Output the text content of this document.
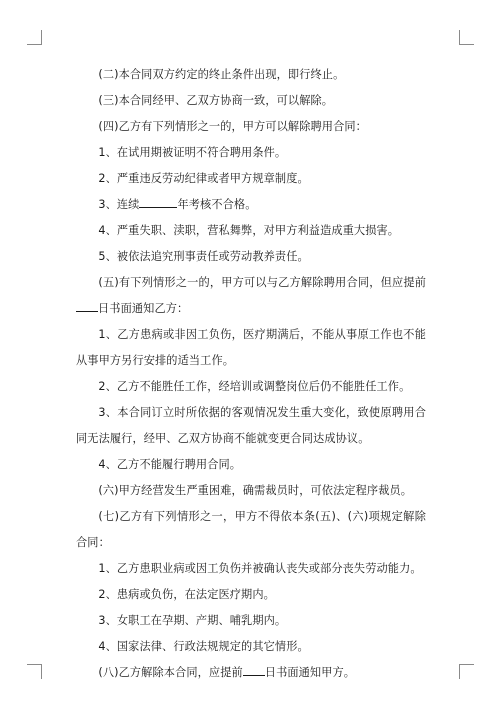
(二)本合同双方约定的终止条件出现，即行终止。

(三)本合同经甲、乙双方协商一致，可以解除。

(四)乙方有下列情形之一的，甲方可以解除聘用合同：

1、在试用期被证明不符合聘用条件。

2、严重违反劳动纪律或者甲方规章制度。

3、连续	年考核不合格。

4、严重失职、渎职，营私舞弊，对甲方利益造成重大损害。

5、被依法追究刑事责任或劳动教养责任。

(五)有下列情形之一的，甲方可以与乙方解除聘用合同，但应提前日书面通知乙方：

1、乙方患病或非因工负伤，医疗期满后，不能从事原工作也不能从事甲方另行安排的适当工作。

2、乙方不能胜任工作，经培训或调整岗位后仍不能胜任工作。

3、本合同订立时所依据的客观情况发生重大变化，致使原聘用合同无法履行，经甲、乙双方协商不能就变更合同达成协议。

4、乙方不能履行聘用合同。

(六)甲方经营发生严重困难，确需裁员时，可依法定程序裁员。

(七)乙方有下列情形之一，甲方不得依本条(五)、(六)项规定解除合同：

1、乙方患职业病或因工负伤并被确认丧失或部分丧失劳动能力。

2、患病或负伤，在法定医疗期内。

3、女职工在孕期、产期、哺乳期内。

4、国家法律、行政法规规定的其它情形。

(八)乙方解除本合同，应提前 日书面通知甲方。
